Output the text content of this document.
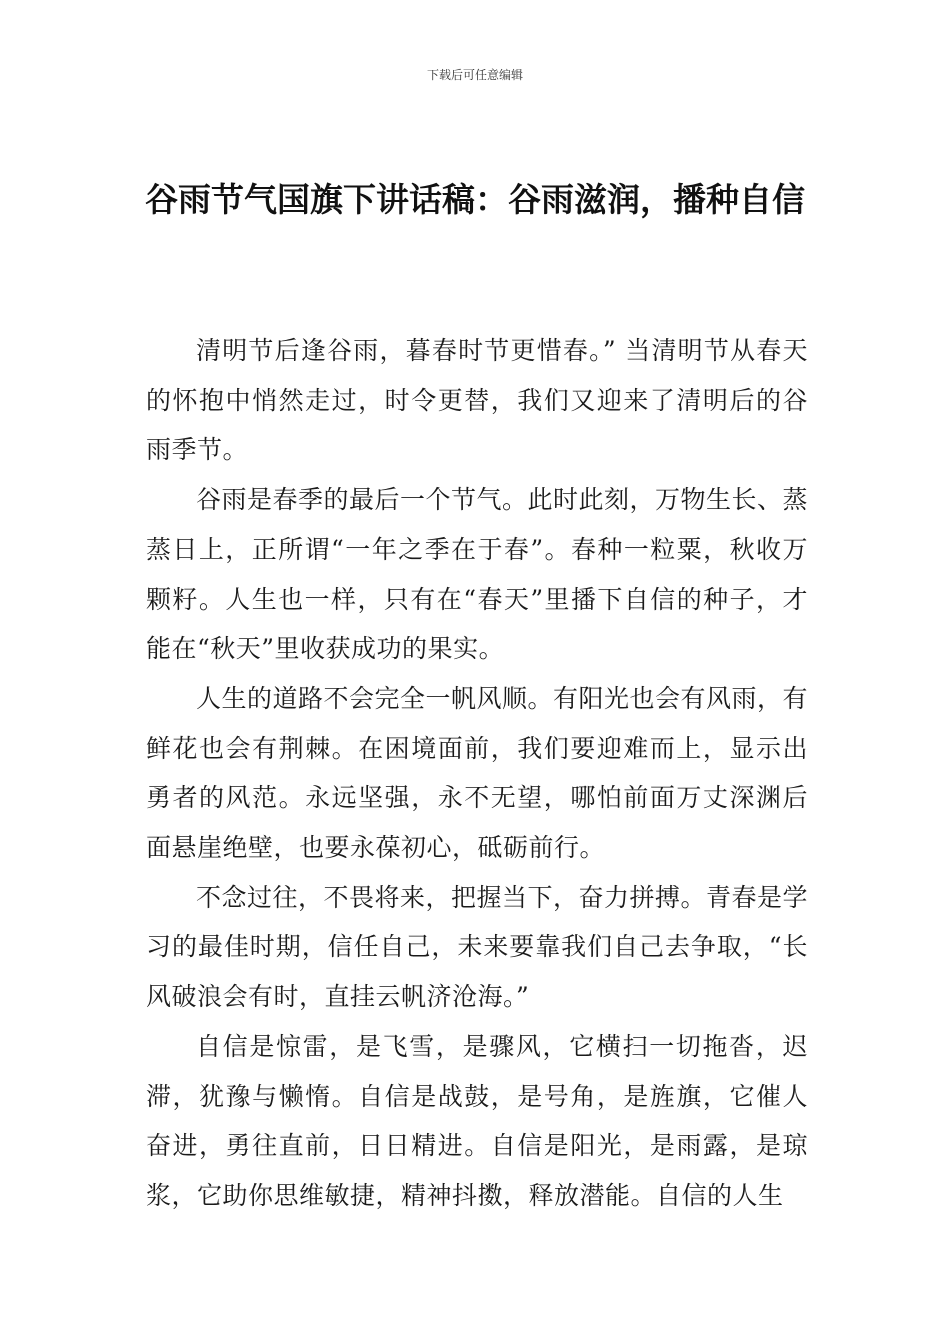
下载后可任意编辑
谷雨节气国旗下讲话稿：谷雨滋润，播种自信

清明节后逢谷雨，暮春时节更惜春。” 当清明节从春天的怀抱中悄然走过，时令更替，我们又迎来了清明后的谷雨季节。

谷雨是春季的最后一个节气。此时此刻，万物生长、蒸蒸日上，正所谓“一年之季在于春”。春种一粒粟，秋收万颗籽。人生也一样，只有在“春天”里播下自信的种子，才能在“秋天”里收获成功的果实。

人生的道路不会完全一帆风顺。有阳光也会有风雨，有鲜花也会有荆棘。在困境面前，我们要迎难而上，显示出勇者的风范。永远坚强，永不无望，哪怕前面万丈深渊后面悬崖绝壁，也要永葆初心，砥砺前行。

不念过往，不畏将来，把握当下，奋力拼搏。青春是学习的最佳时期，信任自己，未来要靠我们自己去争取，“长风破浪会有时，直挂云帆济沧海。”

自信是惊雷，是飞雪，是骤风，它横扫一切拖沓，迟滞，犹豫与懒惰。自信是战鼓，是号角，是旌旗，它催人奋进，勇往直前，日日精进。自信是阳光，是雨露，是琼浆，它助你思维敏捷，精神抖擞，释放潜能。自信的人生
